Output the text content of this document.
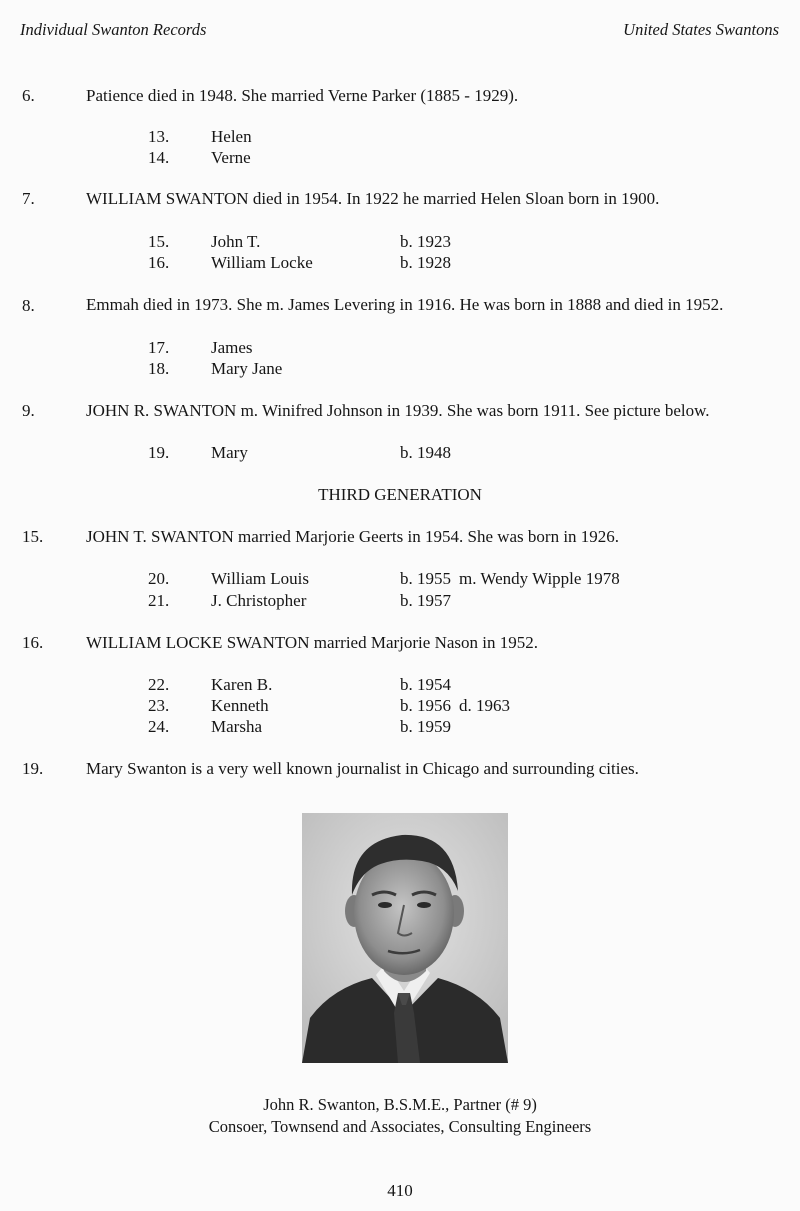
Individual Swanton Records	United States Swantons
6.	Patience died in 1948. She married Verne Parker (1885 - 1929).
13. Helen
14. Verne
7.	WILLIAM SWANTON died in 1954. In 1922 he married Helen Sloan born in 1900.
15. John T.	b. 1923
16. William Locke	b. 1928
8.	Emmah died in 1973. She m. James Levering in 1916. He was born in 1888 and died in 1952.
17. James
18. Mary Jane
9.	JOHN R. SWANTON m. Winifred Johnson in 1939. She was born 1911. See picture below.
19. Mary	b. 1948
THIRD GENERATION
15.	JOHN T. SWANTON married Marjorie Geerts in 1954. She was born in 1926.
20. William Louis	b. 1955 m. Wendy Wipple 1978
21. J. Christopher	b. 1957
16.	WILLIAM LOCKE SWANTON married Marjorie Nason in 1952.
22. Karen B.	b. 1954
23. Kenneth	b. 1956 d. 1963
24. Marsha	b. 1959
19.	Mary Swanton is a very well known journalist in Chicago and surrounding cities.
John R. Swanton, B.S.M.E., Partner (# 9)
Consoer, Townsend and Associates, Consulting Engineers
410
